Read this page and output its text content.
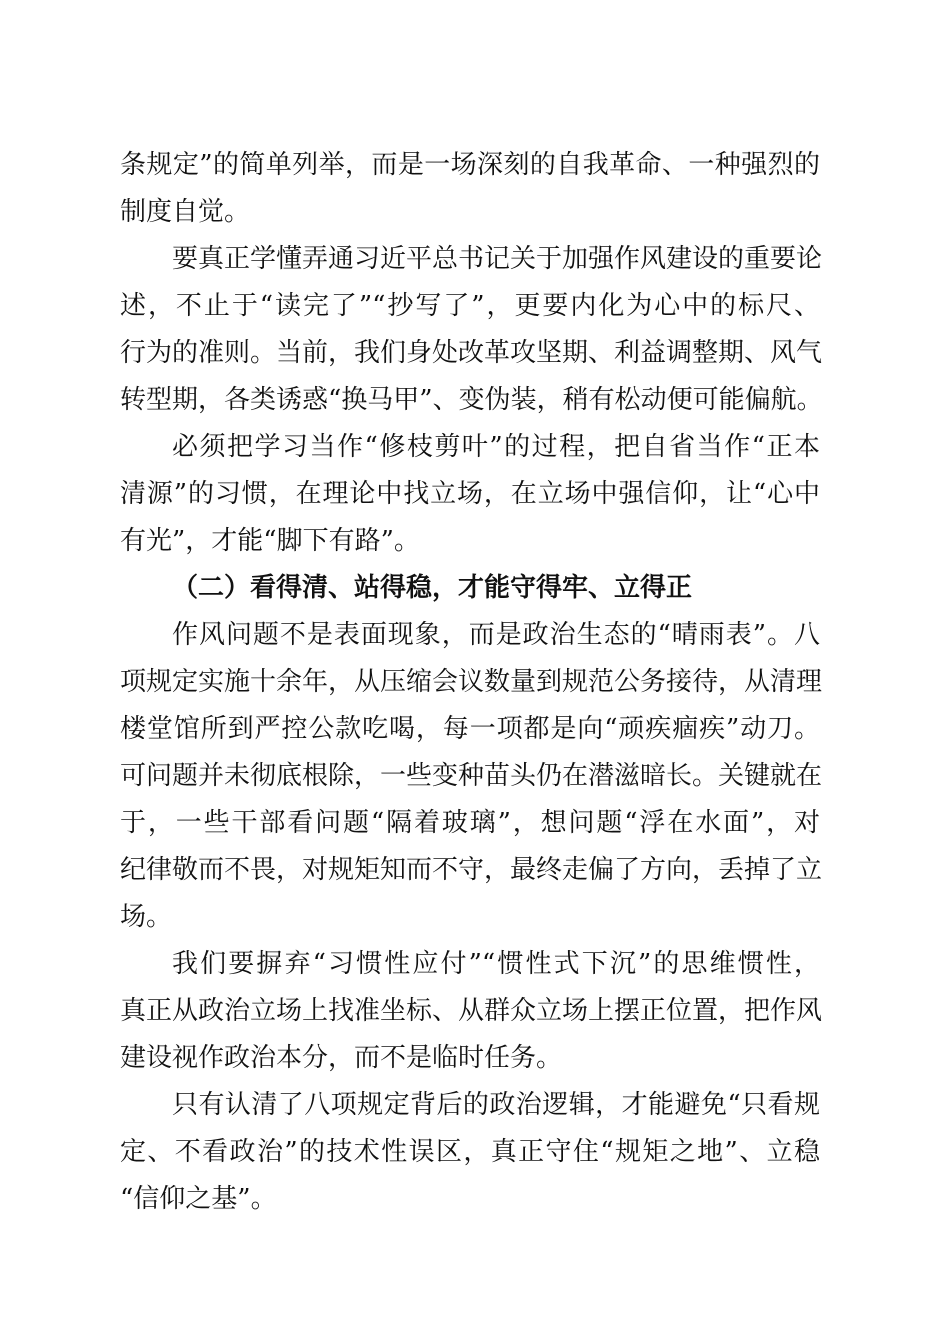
条规定”的简单列举，而是一场深刻的自我革命、一种强烈的
制度自觉。
要真正学懂弄通习近平总书记关于加强作风建设的重要论
述，不止于“读完了”“抄写了”，更要内化为心中的标尺、
行为的准则。当前，我们身处改革攻坚期、利益调整期、风气
转型期，各类诱惑“换马甲”、变伪装，稍有松动便可能偏航。
必须把学习当作“修枝剪叶”的过程，把自省当作“正本
清源”的习惯，在理论中找立场，在立场中强信仰，让“心中
有光”，才能“脚下有路”。
（二）看得清、站得稳，才能守得牢、立得正
作风问题不是表面现象，而是政治生态的“晴雨表”。八
项规定实施十余年，从压缩会议数量到规范公务接待，从清理
楼堂馆所到严控公款吃喝，每一项都是向“顽疾痼疾”动刀。
可问题并未彻底根除，一些变种苗头仍在潜滋暗长。关键就在
于，一些干部看问题“隔着玻璃”，想问题“浮在水面”，对
纪律敬而不畏，对规矩知而不守，最终走偏了方向，丢掉了立
场。
我们要摒弃“习惯性应付”“惯性式下沉”的思维惯性，
真正从政治立场上找准坐标、从群众立场上摆正位置，把作风
建设视作政治本分，而不是临时任务。
只有认清了八项规定背后的政治逻辑，才能避免“只看规
定、不看政治”的技术性误区，真正守住“规矩之地”、立稳
“信仰之基”。
